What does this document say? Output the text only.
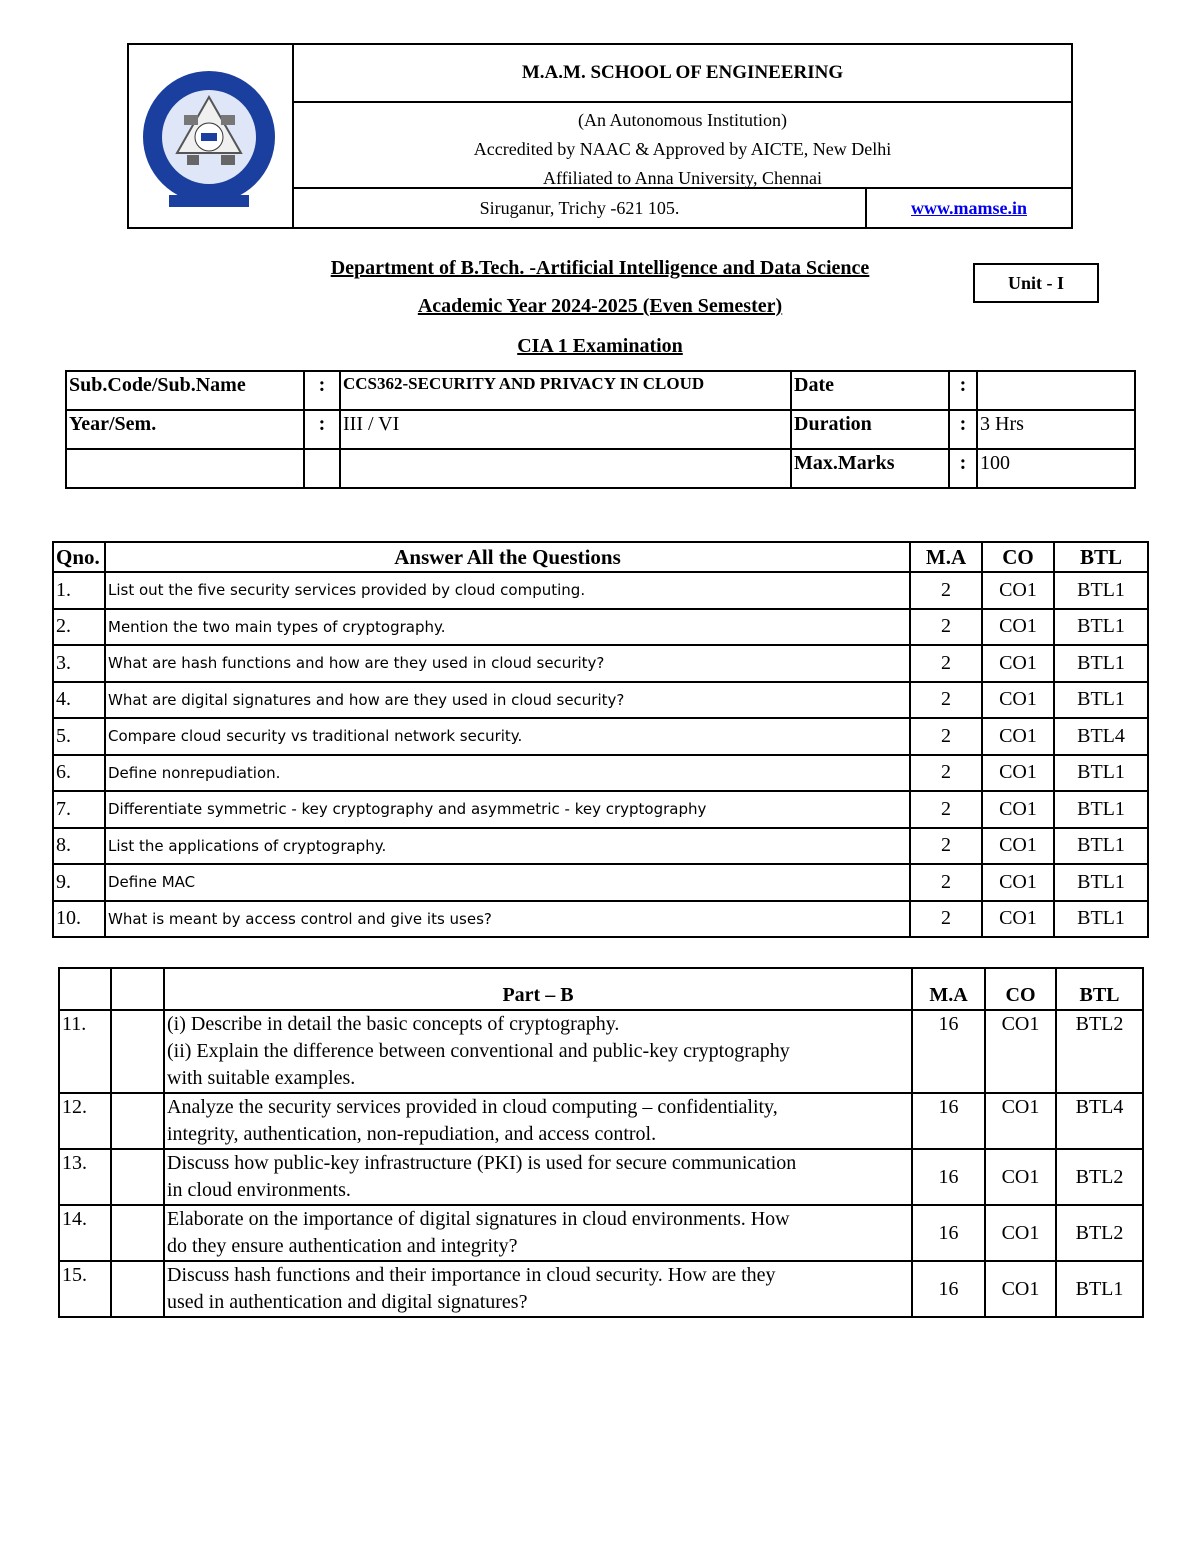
M.A.M. SCHOOL OF ENGINEERING
(An Autonomous Institution)
Accredited by NAAC & Approved by AICTE, New Delhi
Affiliated to Anna University, Chennai
Siruganur, Trichy -621 105.	www.mamse.in
Department of B.Tech. -Artificial Intelligence and Data Science
Academic Year 2024-2025 (Even Semester)
CIA 1 Examination
Unit - I
Sub.Code/Sub.Name	:	CCS362-SECURITY AND PRIVACY IN CLOUD	Date	:	
Year/Sem.	:	III / VI	Duration	:	3 Hrs
			Max.Marks	:	100
Qno.	Answer All the Questions	M.A	CO	BTL
1.	List out the five security services provided by cloud computing.	2	CO1	BTL1
2.	Mention the two main types of cryptography.	2	CO1	BTL1
3.	What are hash functions and how are they used in cloud security?	2	CO1	BTL1
4.	What are digital signatures and how are they used in cloud security?	2	CO1	BTL1
5.	Compare cloud security vs traditional network security.	2	CO1	BTL4
6.	Define nonrepudiation.	2	CO1	BTL1
7.	Differentiate symmetric - key cryptography and asymmetric - key cryptography	2	CO1	BTL1
8.	List the applications of cryptography.	2	CO1	BTL1
9.	Define MAC	2	CO1	BTL1
10.	What is meant by access control and give its uses?	2	CO1	BTL1
		Part – B	M.A	CO	BTL
11.		(i) Describe in detail the basic concepts of cryptography.
(ii) Explain the difference between conventional and public-key cryptography
with suitable examples.	16	CO1	BTL2
12.		Analyze the security services provided in cloud computing – confidentiality,
integrity, authentication, non-repudiation, and access control.	16	CO1	BTL4
13.		Discuss how public-key infrastructure (PKI) is used for secure communication
in cloud environments.	16	CO1	BTL2
14.		Elaborate on the importance of digital signatures in cloud environments. How
do they ensure authentication and integrity?	16	CO1	BTL2
15.		Discuss hash functions and their importance in cloud security. How are they
used in authentication and digital signatures?	16	CO1	BTL1
